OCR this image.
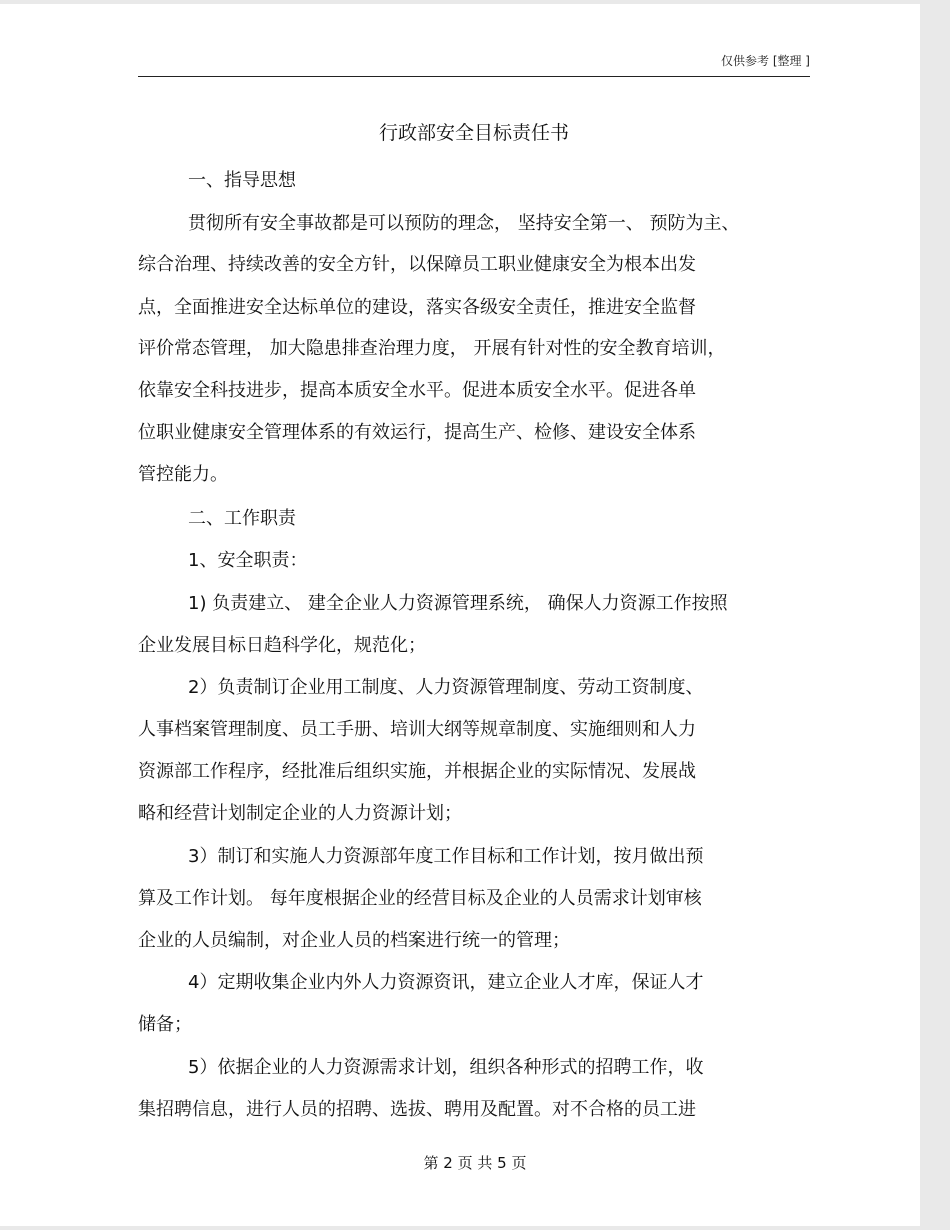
仅供参考 [整理 ]
行政部安全目标责任书
一、指导思想
贯彻所有安全事故都是可以预防的理念， 坚持安全第一、 预防为主、
综合治理、持续改善的安全方针，以保障员工职业健康安全为根本出发
点，全面推进安全达标单位的建设，落实各级安全责任，推进安全监督
评价常态管理， 加大隐患排查治理力度， 开展有针对性的安全教育培训，
依靠安全科技进步，提高本质安全水平。促进本质安全水平。促进各单
位职业健康安全管理体系的有效运行，提高生产、检修、建设安全体系
管控能力。
二、工作职责
1、安全职责：
1) 负责建立、 建全企业人力资源管理系统， 确保人力资源工作按照
企业发展目标日趋科学化，规范化；
2）负责制订企业用工制度、人力资源管理制度、劳动工资制度、
人事档案管理制度、员工手册、培训大纲等规章制度、实施细则和人力
资源部工作程序，经批准后组织实施，并根据企业的实际情况、发展战
略和经营计划制定企业的人力资源计划；
3）制订和实施人力资源部年度工作目标和工作计划，按月做出预
算及工作计划。 每年度根据企业的经营目标及企业的人员需求计划审核
企业的人员编制，对企业人员的档案进行统一的管理；
4）定期收集企业内外人力资源资讯，建立企业人才库，保证人才
储备；
5）依据企业的人力资源需求计划，组织各种形式的招聘工作，收
集招聘信息，进行人员的招聘、选拔、聘用及配置。对不合格的员工进
第 2 页 共 5 页
